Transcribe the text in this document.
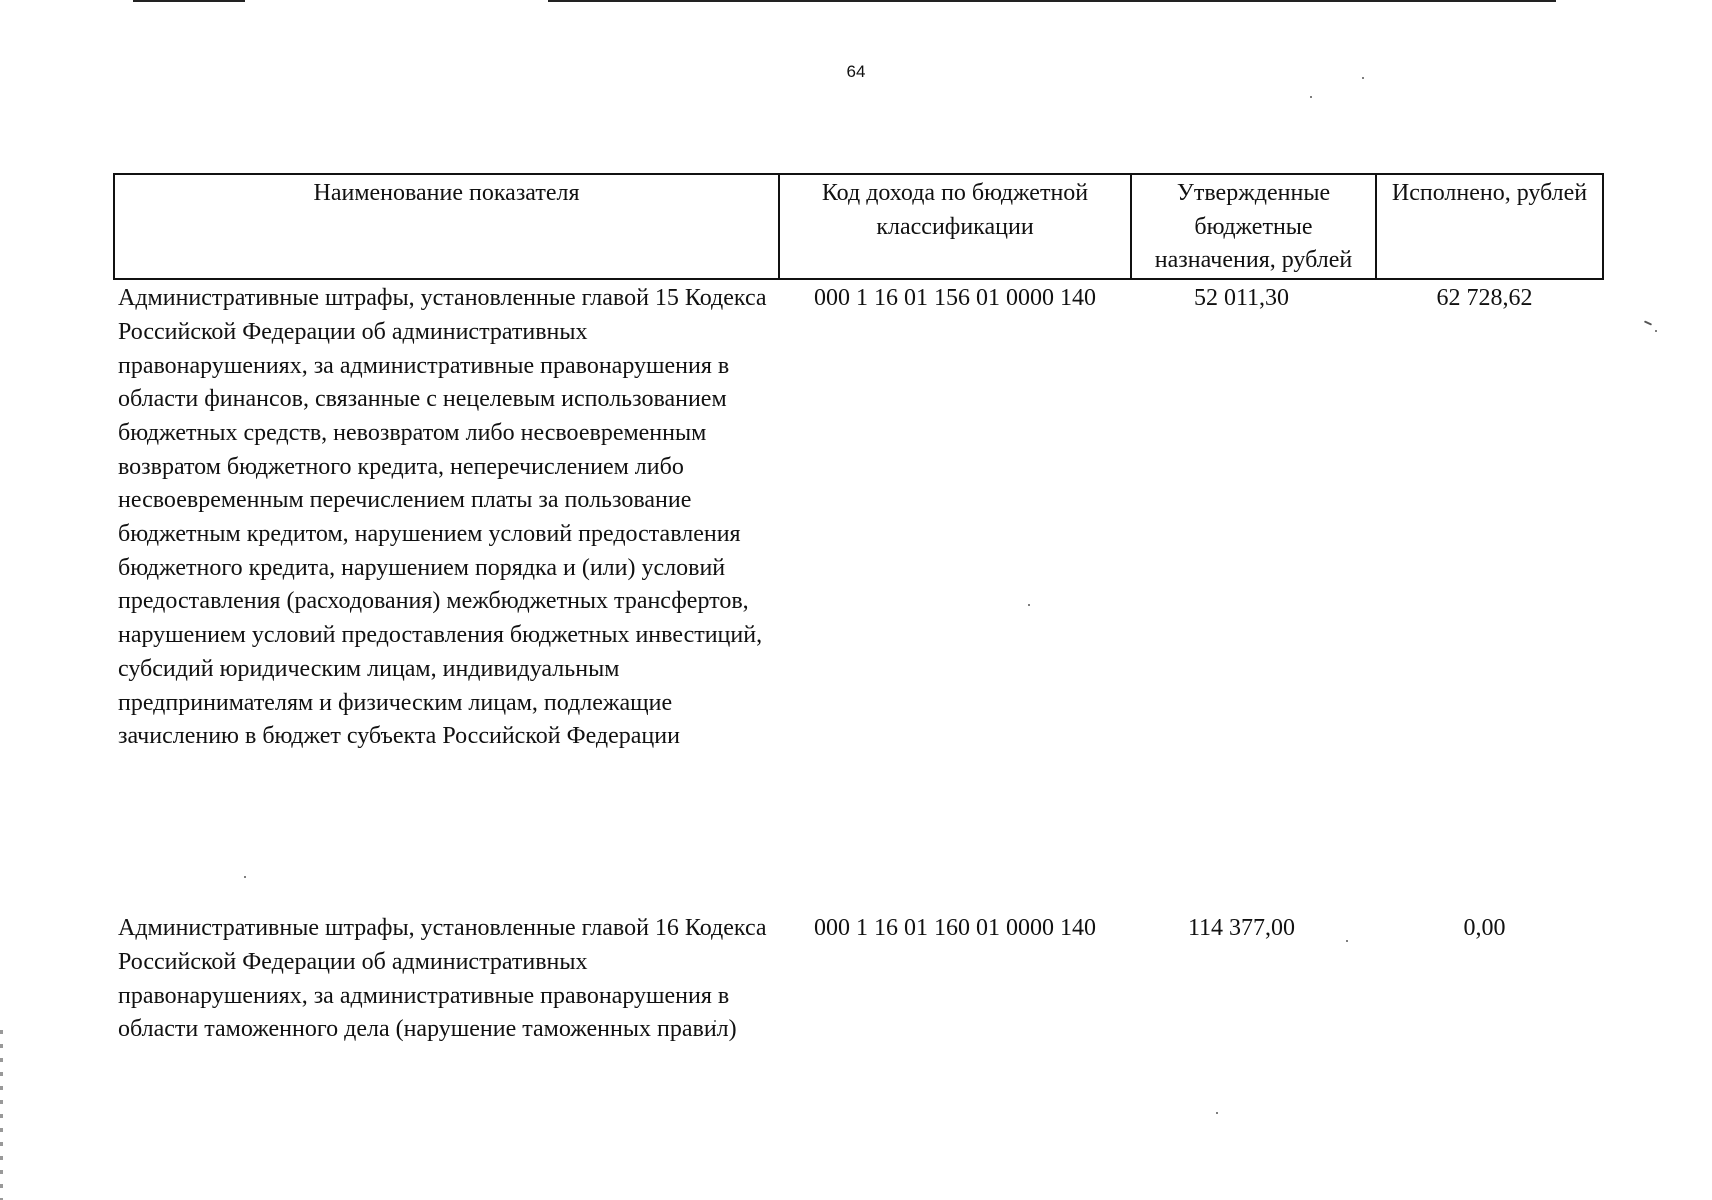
64
Наименование показателя	Код дохода по бюджетной классификации	Утвержденные бюджетные назначения, рублей	Исполнено, рублей
Административные штрафы, установленные главой 15 Кодекса Российской Федерации об административных правонарушениях, за административные правонарушения в области финансов, связанные с нецелевым использованием бюджетных средств, невозвратом либо несвоевременным возвратом бюджетного кредита, неперечислением либо несвоевременным перечислением платы за пользование бюджетным кредитом, нарушением условий предоставления бюджетного кредита, нарушением порядка и (или) условий предоставления (расходования) межбюджетных трансфертов, нарушением условий предоставления бюджетных инвестиций, субсидий юридическим лицам, индивидуальным предпринимателям и физическим лицам, подлежащие зачислению в бюджет субъекта Российской Федерации	000 1 16 01 156 01 0000 140	52 011,30	62 728,62
Административные штрафы, установленные главой 16 Кодекса Российской Федерации об административных правонарушениях, за административные правонарушения в области таможенного дела (нарушение таможенных правил)	000 1 16 01 160 01 0000 140	114 377,00	0,00
